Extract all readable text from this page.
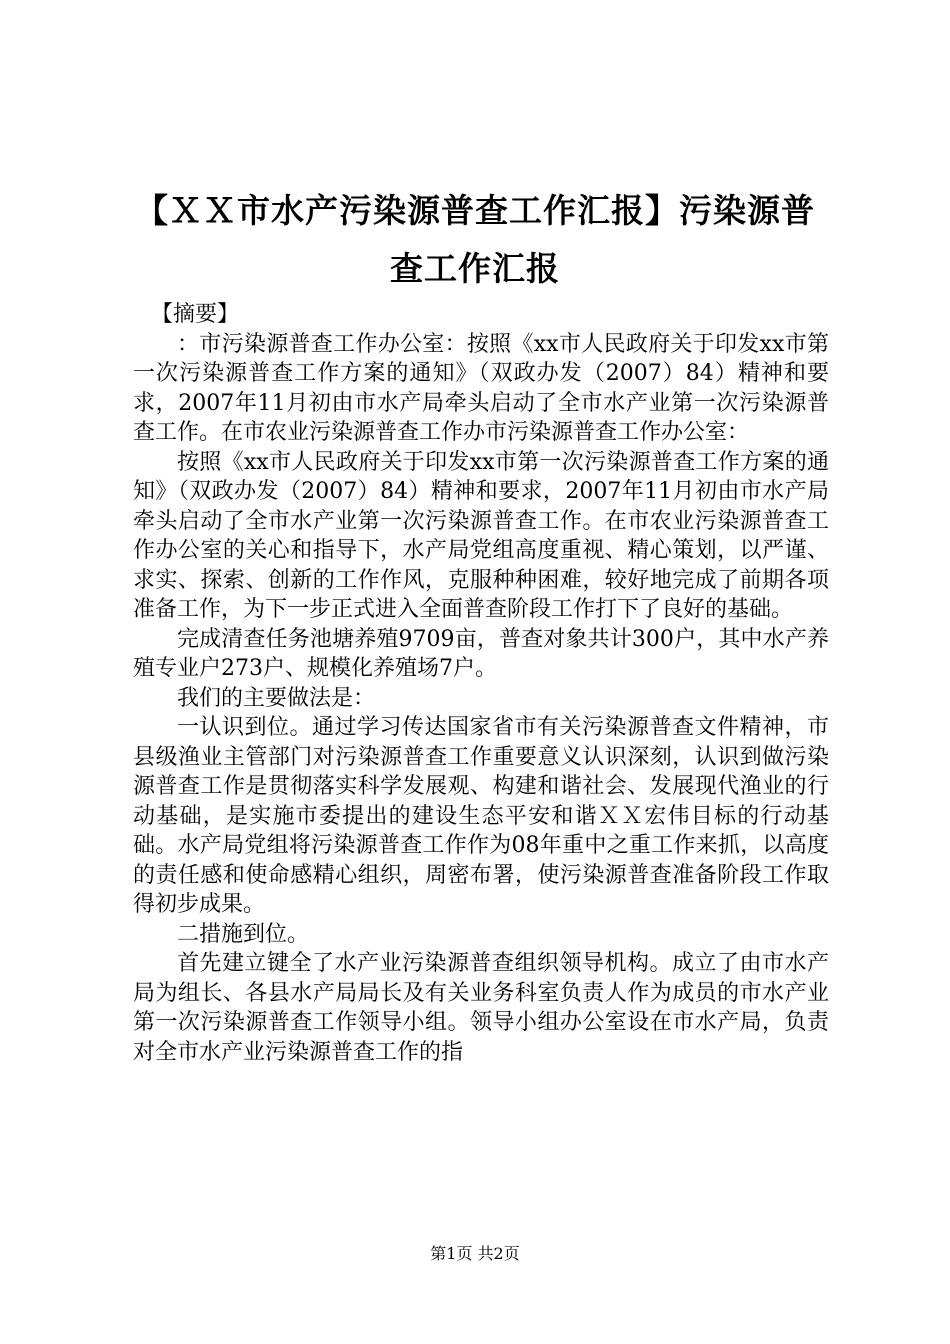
【ＸＸ市水产污染源普查工作汇报】污染源普查工作汇报

【摘要】

：市污染源普查工作办公室：按照《xx市人民政府关于印发xx市第一次污染源普查工作方案的通知》（双政办发（2007）84）精神和要求，2007年11月初由市水产局牵头启动了全市水产业第一次污染源普查工作。在市农业污染源普查工作办市污染源普查工作办公室：

按照《xx市人民政府关于印发xx市第一次污染源普查工作方案的通知》（双政办发（2007）84）精神和要求，2007年11月初由市水产局牵头启动了全市水产业第一次污染源普查工作。在市农业污染源普查工作办公室的关心和指导下，水产局党组高度重视、精心策划，以严谨、求实、探索、创新的工作作风，克服种种困难，较好地完成了前期各项准备工作，为下一步正式进入全面普查阶段工作打下了良好的基础。

完成清查任务池塘养殖9709亩，普查对象共计300户，其中水产养殖专业户273户、规模化养殖场7户。

我们的主要做法是：

一认识到位。通过学习传达国家省市有关污染源普查文件精神，市县级渔业主管部门对污染源普查工作重要意义认识深刻，认识到做污染源普查工作是贯彻落实科学发展观、构建和谐社会、发展现代渔业的行动基础，是实施市委提出的建设生态平安和谐ＸＸ宏伟目标的行动基础。水产局党组将污染源普查工作作为08年重中之重工作来抓，以高度的责任感和使命感精心组织，周密布署，使污染源普查准备阶段工作取得初步成果。

二措施到位。

首先建立键全了水产业污染源普查组织领导机构。成立了由市水产局为组长、各县水产局局长及有关业务科室负责人作为成员的市水产业第一次污染源普查工作领导小组。领导小组办公室设在市水产局，负责对全市水产业污染源普查工作的指

第1页 共2页
